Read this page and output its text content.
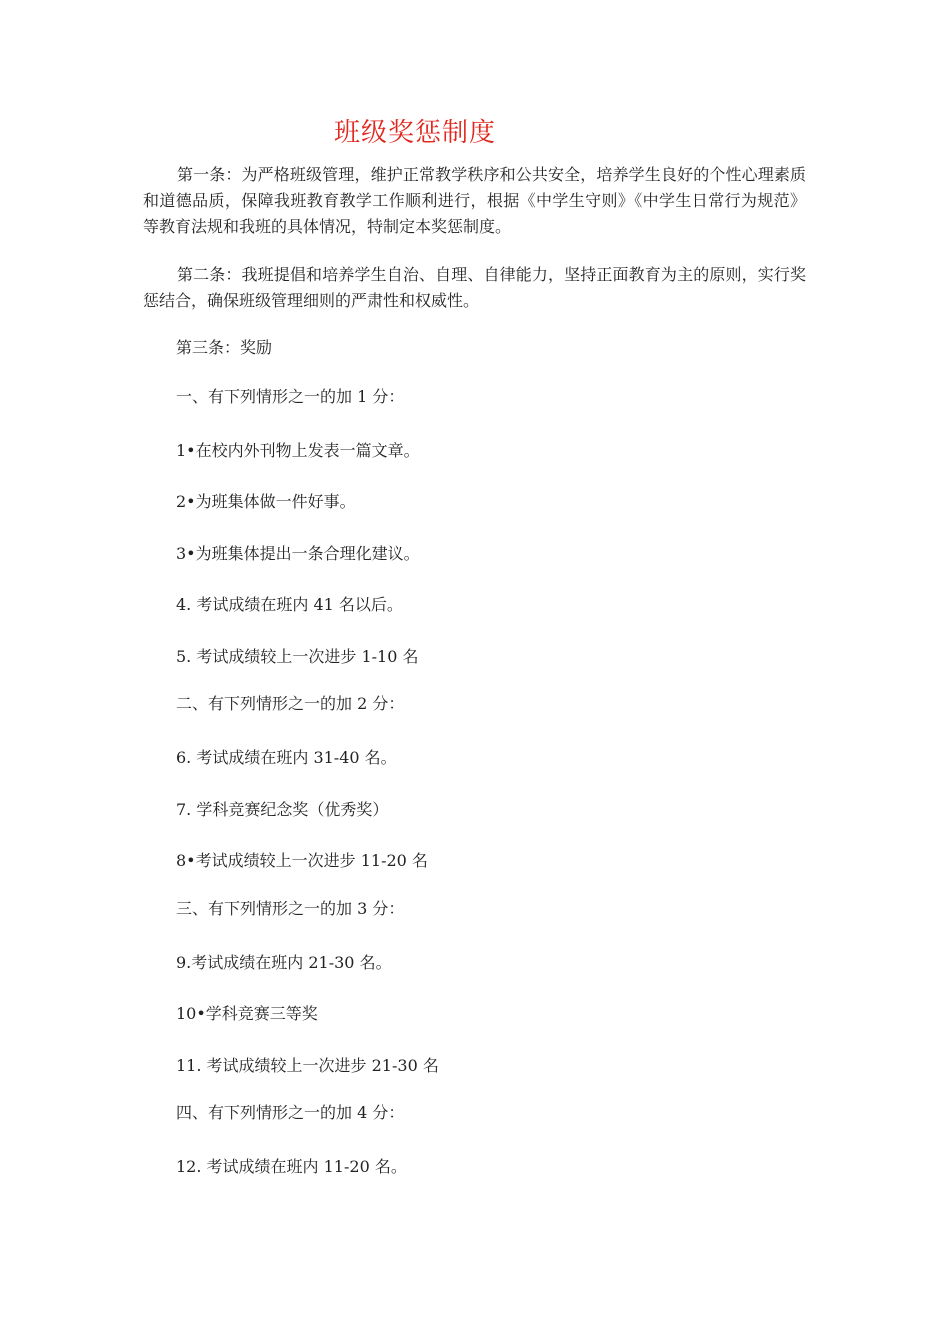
班级奖惩制度

第一条：为严格班级管理，维护正常教学秩序和公共安全，培养学生良好的个性心理素质和道德品质，保障我班教育教学工作顺利进行，根据《中学生守则》《中学生日常行为规范》等教育法规和我班的具体情况，特制定本奖惩制度。

第二条：我班提倡和培养学生自治、自理、自律能力，坚持正面教育为主的原则，实行奖惩结合，确保班级管理细则的严肃性和权威性。

第三条：奖励

一、有下列情形之一的加 1 分：

1•在校内外刊物上发表一篇文章。

2•为班集体做一件好事。

3•为班集体提出一条合理化建议。

4. 考试成绩在班内 41 名以后。

5. 考试成绩较上一次进步 1-10 名

二、有下列情形之一的加 2 分：

6. 考试成绩在班内 31-40 名。

7. 学科竞赛纪念奖（优秀奖）

8•考试成绩较上一次进步 11-20 名

三、有下列情形之一的加 3 分：

9.考试成绩在班内 21-30 名。

10•学科竞赛三等奖

11. 考试成绩较上一次进步 21-30 名

四、有下列情形之一的加 4 分：

12. 考试成绩在班内 11-20 名。
